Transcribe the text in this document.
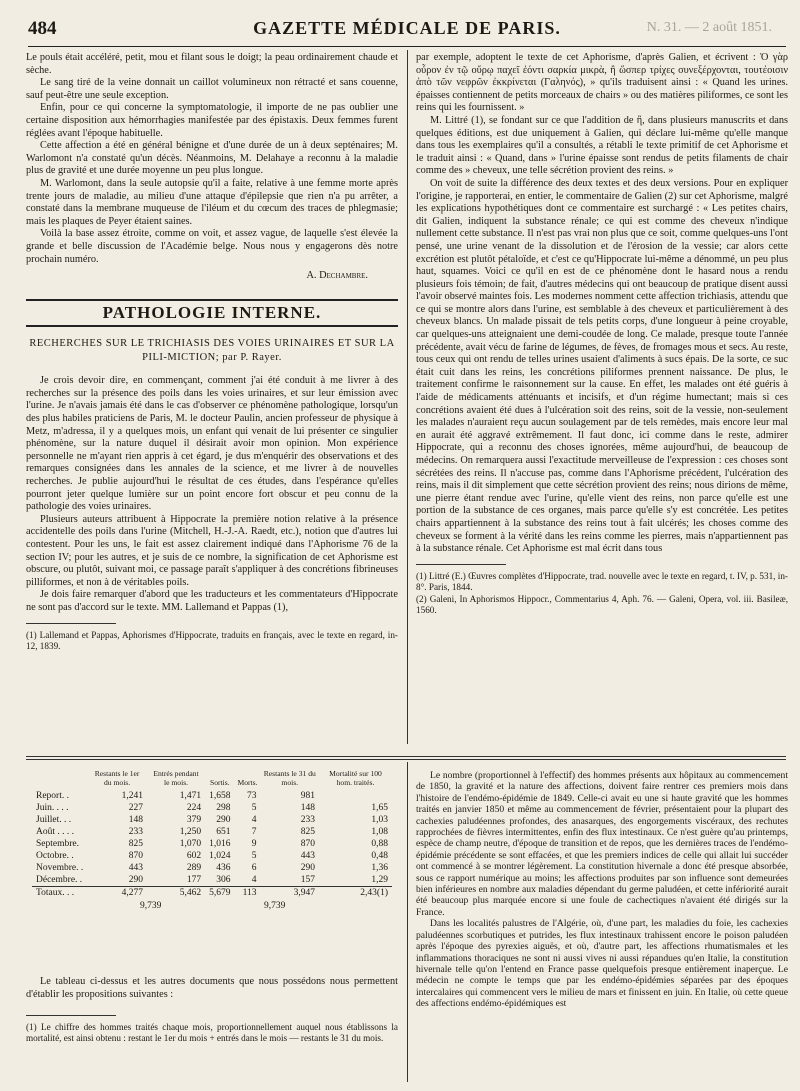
484	GAZETTE MÉDICALE DE PARIS.	N. 31. — 2 août 1851.

Le pouls était accéléré, petit, mou et filant sous le doigt; la peau ordinairement chaude et sèche.

Le sang tiré de la veine donnait un caillot volumineux non rétracté et sans couenne, sauf peut-être une seule exception.

Enfin, pour ce qui concerne la symptomatologie, il importe de ne pas oublier une certaine disposition aux hémorrhagies manifestée par des épistaxis. Deux femmes furent réglées avant l'époque habituelle.

Cette affection a été en général bénigne et d'une durée de un à deux septénaires; M. Warlomont n'a constaté qu'un décès. Néanmoins, M. Delahaye a reconnu à la maladie plus de gravité et une durée moyenne un peu plus longue.

M. Warlomont, dans la seule autopsie qu'il a faite, relative à une femme morte après trente jours de maladie, au milieu d'une attaque d'épilepsie que rien n'a pu arrêter, a constaté dans la membrane muqueuse de l'iléum et du cœcum des traces de phlegmasie; mais les plaques de Peyer étaient saines.

Voilà la base assez étroite, comme on voit, et assez vague, de laquelle s'est élevée la grande et belle discussion de l'Académie belge. Nous nous y engagerons dès notre prochain numéro.

A. Dechambre.
PATHOLOGIE INTERNE.
RECHERCHES SUR LE TRICHIASIS DES VOIES URINAIRES ET SUR LA PILI-MICTION; par P. Rayer.

Je crois devoir dire, en commençant, comment j'ai été conduit à me livrer à des recherches sur la présence des poils dans les voies urinaires, et sur leur émission avec l'urine. Je n'avais jamais été dans le cas d'observer ce phénomène pathologique, lorsqu'un des plus habiles praticiens de Paris, M. le docteur Paulin, ancien professeur de physique à Metz, m'adressa, il y a quelques mois, un enfant qui venait de lui présenter ce singulier phénomène, sur la nature duquel il désirait avoir mon opinion. Mon expérience personnelle ne m'ayant rien appris à cet égard, je dus m'enquérir des observations et des remarques consignées dans les annales de la science, et me livrer à de nouvelles recherches. Je publie aujourd'hui le résultat de ces études, dans l'espérance qu'elles pourront jeter quelque lumière sur un point encore fort obscur et peu connu de la pathologie des voies urinaires.

Plusieurs auteurs attribuent à Hippocrate la première notion relative à la présence accidentelle des poils dans l'urine (Mitchell, H.-J.-A. Raedt, etc.), notion que d'autres lui contestent. Pour les uns, le fait est assez clairement indiqué dans l'Aphorisme 76 de la section IV; pour les autres, et je suis de ce nombre, la signification de cet Aphorisme est obscure, ou plutôt, suivant moi, ce passage paraît s'appliquer à des concrétions fibrineuses pilliformes, et non à de véritables poils.

Je dois faire remarquer d'abord que les traducteurs et les commentateurs d'Hippocrate ne sont pas d'accord sur le texte. MM. Lallemand et Pappas (1),

(1) Lallemand et Pappas, Aphorismes d'Hippocrate, traduits en français, avec le texte en regard, in-12, 1839.

par exemple, adoptent le texte de cet Aphorisme, d'après Galien, et écrivent : Ὁ γὰρ οὖρον ἐν τῷ οὔρῳ παχεῖ ἐόντι σαρκία μικρὰ, ἢ ὥσπερ τρίχες συνεξέρχονται, τουτέοισιν ἀπὸ τῶν νεφρῶν ἐκκρίνεται (Γαληνός), » qu'ils traduisent ainsi : « Quand les urines. épaisses contiennent de petits morceaux de chairs » ou des matières piliformes, ce sont les reins qui les fournissent. »

M. Littré (1), se fondant sur ce que l'addition de ἢ, dans plusieurs manuscrits et dans quelques éditions, est due uniquement à Galien, qui déclare lui-même qu'elle manque dans tous les exemplaires qu'il a consultés, a rétabli le texte primitif de cet Aphorisme et le traduit ainsi : « Quand, dans » l'urine épaisse sont rendus de petits filaments de chair comme des » cheveux, une telle sécrétion provient des reins. »

On voit de suite la différence des deux textes et des deux versions. Pour en expliquer l'origine, je rapporterai, en entier, le commentaire de Galien (2) sur cet Aphorisme, malgré les explications hypothétiques dont ce commentaire est surchargé : « Les petites chairs, dit Galien, indiquent la substance rénale; ce qui est comme des cheveux n'indique nullement cette substance. Il n'est pas vrai non plus que ce soit, comme quelques-uns l'ont pensé, une urine venant de la dissolution et de l'érosion de la vessie; car alors cette excrétion est plutôt pétaloïde, et c'est ce qu'Hippocrate lui-même a dénommé, un peu plus haut, squames. Voici ce qu'il en est de ce phénomène dont le hasard nous a rendu plusieurs fois témoin; de fait, d'autres médecins qui ont beaucoup de pratique disent aussi l'avoir observé maintes fois. Les modernes nomment cette affection trichiasis, attendu que ce qui se montre alors dans l'urine, est semblable à des cheveux et particulièrement à des cheveux blancs. Un malade pissait de tels petits corps, d'une longueur à peine croyable, car quelques-uns atteignaient une demi-coudée de long. Ce malade, presque toute l'année précédente, avait vécu de farine de légumes, de fèves, de fromages mous et secs. Au reste, tous ceux qui ont rendu de telles urines usaient d'aliments à sucs épais. De la sorte, ce suc était cuit dans les reins, les concrétions piliformes prennent naissance. De plus, le traitement confirme le raisonnement sur la cause. En effet, les malades ont été guéris à l'aide de médicaments atténuants et incisifs, et d'un régime humectant; mais si ces concrétions avaient été dues à l'ulcération soit des reins, soit de la vessie, non-seulement les malades n'auraient reçu aucun soulagement par de tels remèdes, mais encore leur mal en aurait été aggravé extrêmement. Il faut donc, ici comme dans le reste, admirer Hippocrate, qui a reconnu des choses ignorées, même aujourd'hui, de beaucoup de médecins. On remarquera aussi l'exactitude merveilleuse de l'expression : ces choses sont sécrétées des reins. Il n'accuse pas, comme dans l'Aphorisme précédent, l'ulcération des reins, mais il dit simplement que cette sécrétion provient des reins; nous dirions de même, une pierre étant rendue avec l'urine, qu'elle vient des reins, non parce qu'elle est une portion de la substance de ces organes, mais parce qu'elle s'y est concrétée. Les petites chairs appartiennent à la substance des reins tout à fait ulcérés; les choses comme des cheveux se forment à la vérité dans les reins comme les pierres, mais n'appartiennent pas à la substance rénale. Cet Aphorisme est mal écrit dans tous

(1) Littré (E.) Œuvres complètes d'Hippocrate, trad. nouvelle avec le texte en regard, t. IV, p. 531, in-8°. Paris, 1844.
(2) Galeni, In Aphorismos Hippocr., Commentarius 4, Aph. 76. — Galeni, Opera, vol. iii. Basileæ, 1560.
	Restants le 1er du mois.	Entrés pendant le mois.	Sortis.	Morts.	Restants le 31 du mois.	Mortalité sur 100 hom. traités.
Report. .	1,241	1,471	1,658	73	981	
Juin. . . .	227	224	298	5	148	1,65
Juillet. . .	148	379	290	4	233	1,03
Août . . . .	233	1,250	651	7	825	1,08
Septembre.	825	1,070	1,016	9	870	0,88
Octobre. .	870	602	1,024	5	443	0,48
Novembre. .	443	289	436	6	290	1,36
Décembre. .	290	177	306	4	157	1,29
Totaux. . .	4,277	5,462	5,679	113	3,947	2,43(1)
9,739	9,739

Le tableau ci-dessus et les autres documents que nous possédons nous permettent d'établir les propositions suivantes :

(1) Le chiffre des hommes traités chaque mois, proportionnellement auquel nous établissons la mortalité, est ainsi obtenu : restant le 1er du mois + entrés dans le mois — restants le 31 du mois.

Le nombre (proportionnel à l'effectif) des hommes présents aux hôpitaux au commencement de 1850, la gravité et la nature des affections, doivent faire rentrer ces premiers mois dans l'histoire de l'endémo-épidémie de 1849. Celle-ci avait eu une si haute gravité que les hommes traités en janvier 1850 et même au commencement de février, présentaient pour la plupart des cachexies paludéennes profondes, des anasarques, des engorgements viscéraux, des rechutes rapprochées de fièvres intermittentes, enfin des flux intestinaux. Ce n'est guère qu'au printemps, espèce de champ neutre, d'époque de transition et de repos, que les dernières traces de l'endémo-épidémie précédente se sont effacées, et que les premiers indices de celle qui allait lui succéder ont commencé à se montrer légèrement. La constitution hivernale a donc été presque absorbée, sous ce rapport numérique au moins; les affections produites par son influence sont demeurées bien inférieures en nombre aux maladies dépendant du germe paludéen, et cette infériorité aurait été beaucoup plus marquée encore si une foule de cachectiques n'avaient été dirigés sur la France.

Dans les localités palustres de l'Algérie, où, d'une part, les maladies du foie, les cachexies paludéennes scorbutiques et putrides, les flux intestinaux trahissent encore le poison paludéen après l'époque des pyrexies aiguës, et où, d'autre part, les affections rhumatismales et les inflammations thoraciques ne sont ni aussi vives ni aussi répandues qu'en Italie, la constitution hivernale telle qu'on l'entend en France passe quelquefois presque entièrement inaperçue. Le médecin ne compte le temps que par les endémo-épidémies séparées par des époques intercalaires qui commencent vers le milieu de mars et finissent en juin. En Italie, où cette queue des affections endémo-épidémiques est
